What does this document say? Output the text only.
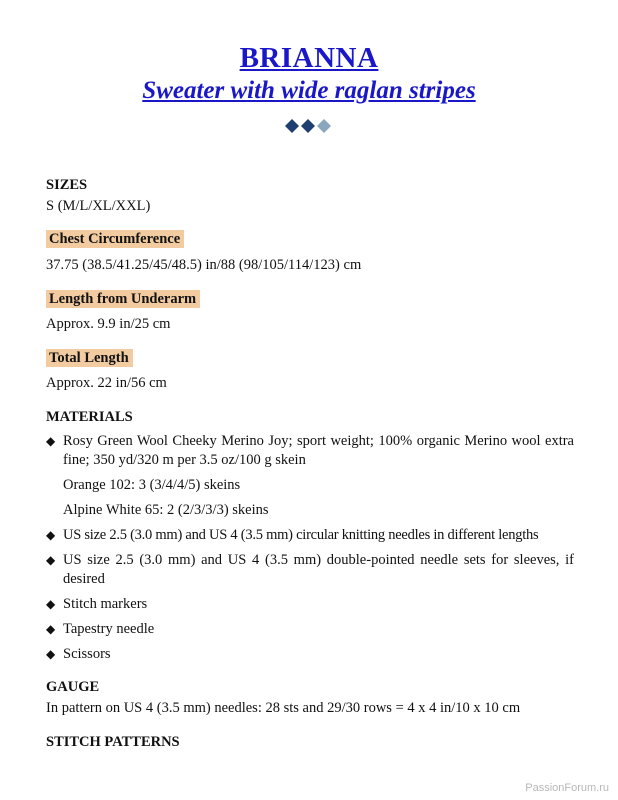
BRIANNA
Sweater with wide raglan stripes
SIZES
S (M/L/XL/XXL)
Chest Circumference
37.75 (38.5/41.25/45/48.5) in/88 (98/105/114/123) cm
Length from Underarm
Approx. 9.9 in/25 cm
Total Length
Approx. 22 in/56 cm
MATERIALS
◆ Rosy Green Wool Cheeky Merino Joy; sport weight; 100% organic Merino wool extra fine; 350 yd/320 m per 3.5 oz/100 g skein
Orange 102: 3 (3/4/4/5) skeins
Alpine White 65: 2 (2/3/3/3) skeins
◆ US size 2.5 (3.0 mm) and US 4 (3.5 mm) circular knitting needles in different lengths
◆ US size 2.5 (3.0 mm) and US 4 (3.5 mm) double-pointed needle sets for sleeves, if desired
◆ Stitch markers
◆ Tapestry needle
◆ Scissors
GAUGE
In pattern on US 4 (3.5 mm) needles: 28 sts and 29/30 rows = 4 x 4 in/10 x 10 cm
STITCH PATTERNS
PassionForum.ru
